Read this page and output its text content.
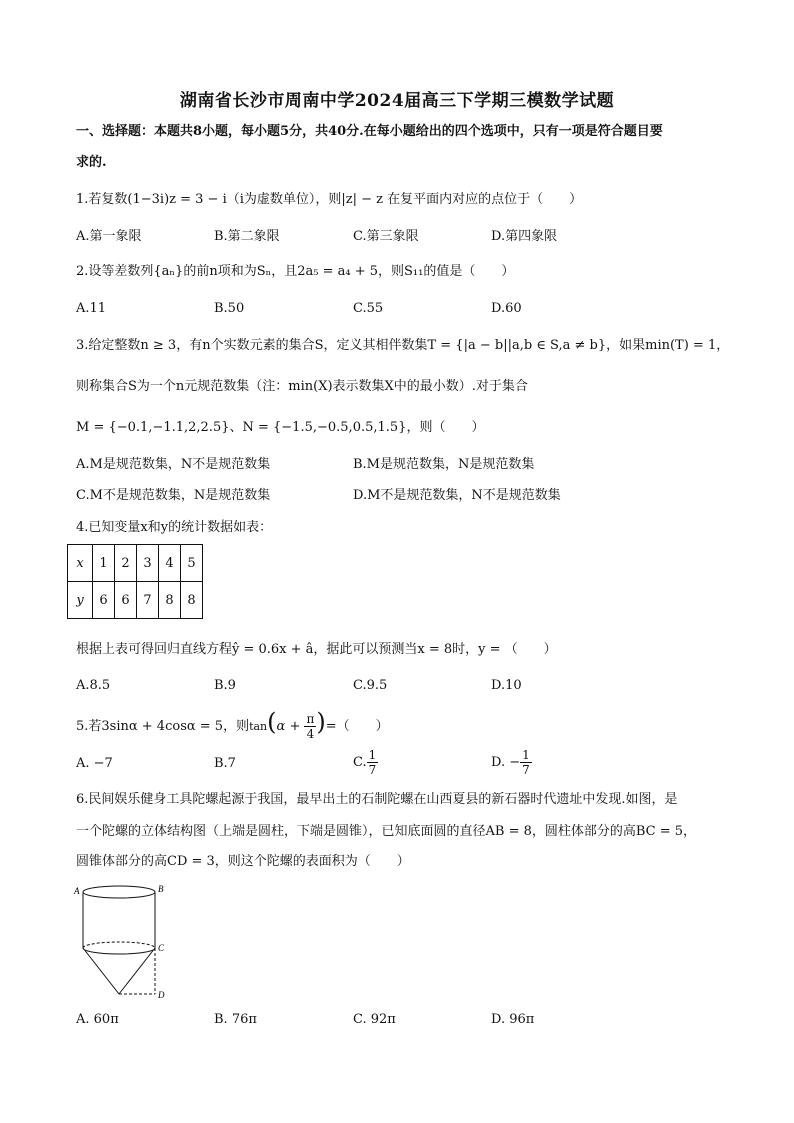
湖南省长沙市周南中学2024届高三下学期三模数学试题
一、选择题：本题共8小题，每小题5分，共40分.在每小题给出的四个选项中，只有一项是符合题目要
求的.
1.若复数(1−3i)z = 3 − i（i为虚数单位），则|z| − z 在复平面内对应的点位于（　　）
A.第一象限	B.第二象限	C.第三象限	D.第四象限
2.设等差数列{aₙ}的前n项和为Sₙ，且2a₅ = a₄ + 5，则S₁₁的值是（　　）
A.11	B.50	C.55	D.60
3.给定整数n ≥ 3，有n个实数元素的集合S，定义其相伴数集T = {|a − b||a,b ∈ S,a ≠ b}，如果min(T) = 1，
则称集合S为一个n元规范数集（注：min(X)表示数集X中的最小数）.对于集合
M = {−0.1,−1.1,2,2.5}、N = {−1.5,−0.5,0.5,1.5}，则（　　）
A.M是规范数集，N不是规范数集	B.M是规范数集，N是规范数集
C.M不是规范数集，N是规范数集	D.M不是规范数集，N不是规范数集
4.已知变量x和y的统计数据如表：
x	1	2	3	4	5
y	6	6	7	8	8
根据上表可得回归直线方程ŷ = 0.6x + â，据此可以预测当x = 8时，y = （　　）
A.8.5	B.9	C.9.5	D.10
5.若3sinα + 4cosα = 5，则$\tan(\alpha + \frac{\pi}{4}$ )=（　　）
A. −7	B.7	C. $\frac{1}{7}$	D. − $\frac{1}{7}$
6.民间娱乐健身工具陀螺起源于我国，最早出土的石制陀螺在山西夏县的新石器时代遗址中发现.如图，是
一个陀螺的立体结构图（上端是圆柱，下端是圆锥），已知底面圆的直径AB = 8，圆柱体部分的高BC = 5，
圆锥体部分的高CD = 3，则这个陀螺的表面积为（　　）
A	B
C
D
A. 60π	B. 76π	C. 92π	D. 96π
